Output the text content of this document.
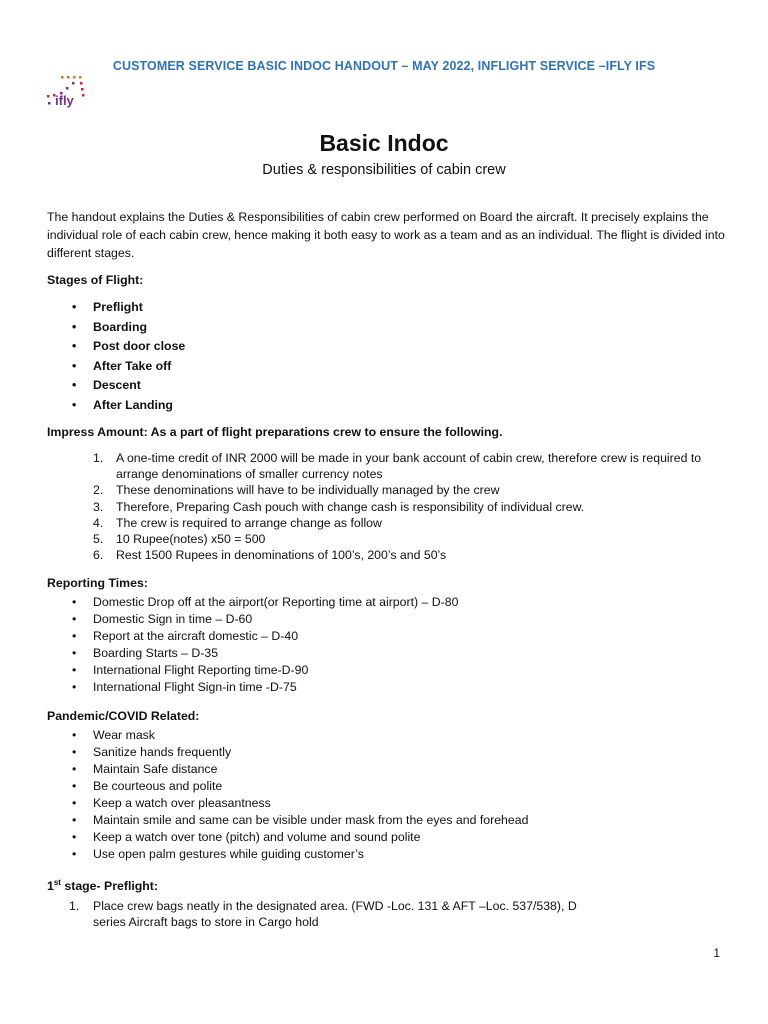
CUSTOMER SERVICE BASIC INDOC HANDOUT – MAY 2022, INFLIGHT SERVICE –IFLY IFS
ifly
Basic Indoc
Duties & responsibilities of cabin crew

The handout explains the Duties & Responsibilities of cabin crew performed on Board the aircraft. It precisely explains the individual role of each cabin crew, hence making it both easy to work as a team and as an individual. The flight is divided into different stages.

Stages of Flight:

• Preflight
• Boarding
• Post door close
• After Take off
• Descent
• After Landing

Impress Amount: As a part of flight preparations crew to ensure the following.

1. A one-time credit of INR 2000 will be made in your bank account of cabin crew, therefore crew is required to arrange denominations of smaller currency notes
2. These denominations will have to be individually managed by the crew
3. Therefore, Preparing Cash pouch with change cash is responsibility of individual crew.
4. The crew is required to arrange change as follow
5. 10 Rupee(notes) x50 = 500
6. Rest 1500 Rupees in denominations of 100’s, 200’s and 50’s

Reporting Times:

• Domestic Drop off at the airport(or Reporting time at airport) – D-80
• Domestic Sign in time – D-60
• Report at the aircraft domestic – D-40
• Boarding Starts – D-35
• International Flight Reporting time-D-90
• International Flight Sign-in time -D-75

Pandemic/COVID Related:

• Wear mask
• Sanitize hands frequently
• Maintain Safe distance
• Be courteous and polite
• Keep a watch over pleasantness
• Maintain smile and same can be visible under mask from the eyes and forehead
• Keep a watch over tone (pitch) and volume and sound polite
• Use open palm gestures while guiding customer’s

1st stage- Preflight:

1. Place crew bags neatly in the designated area. (FWD -Loc. 131 & AFT –Loc. 537/538), D series Aircraft bags to store in Cargo hold
1
